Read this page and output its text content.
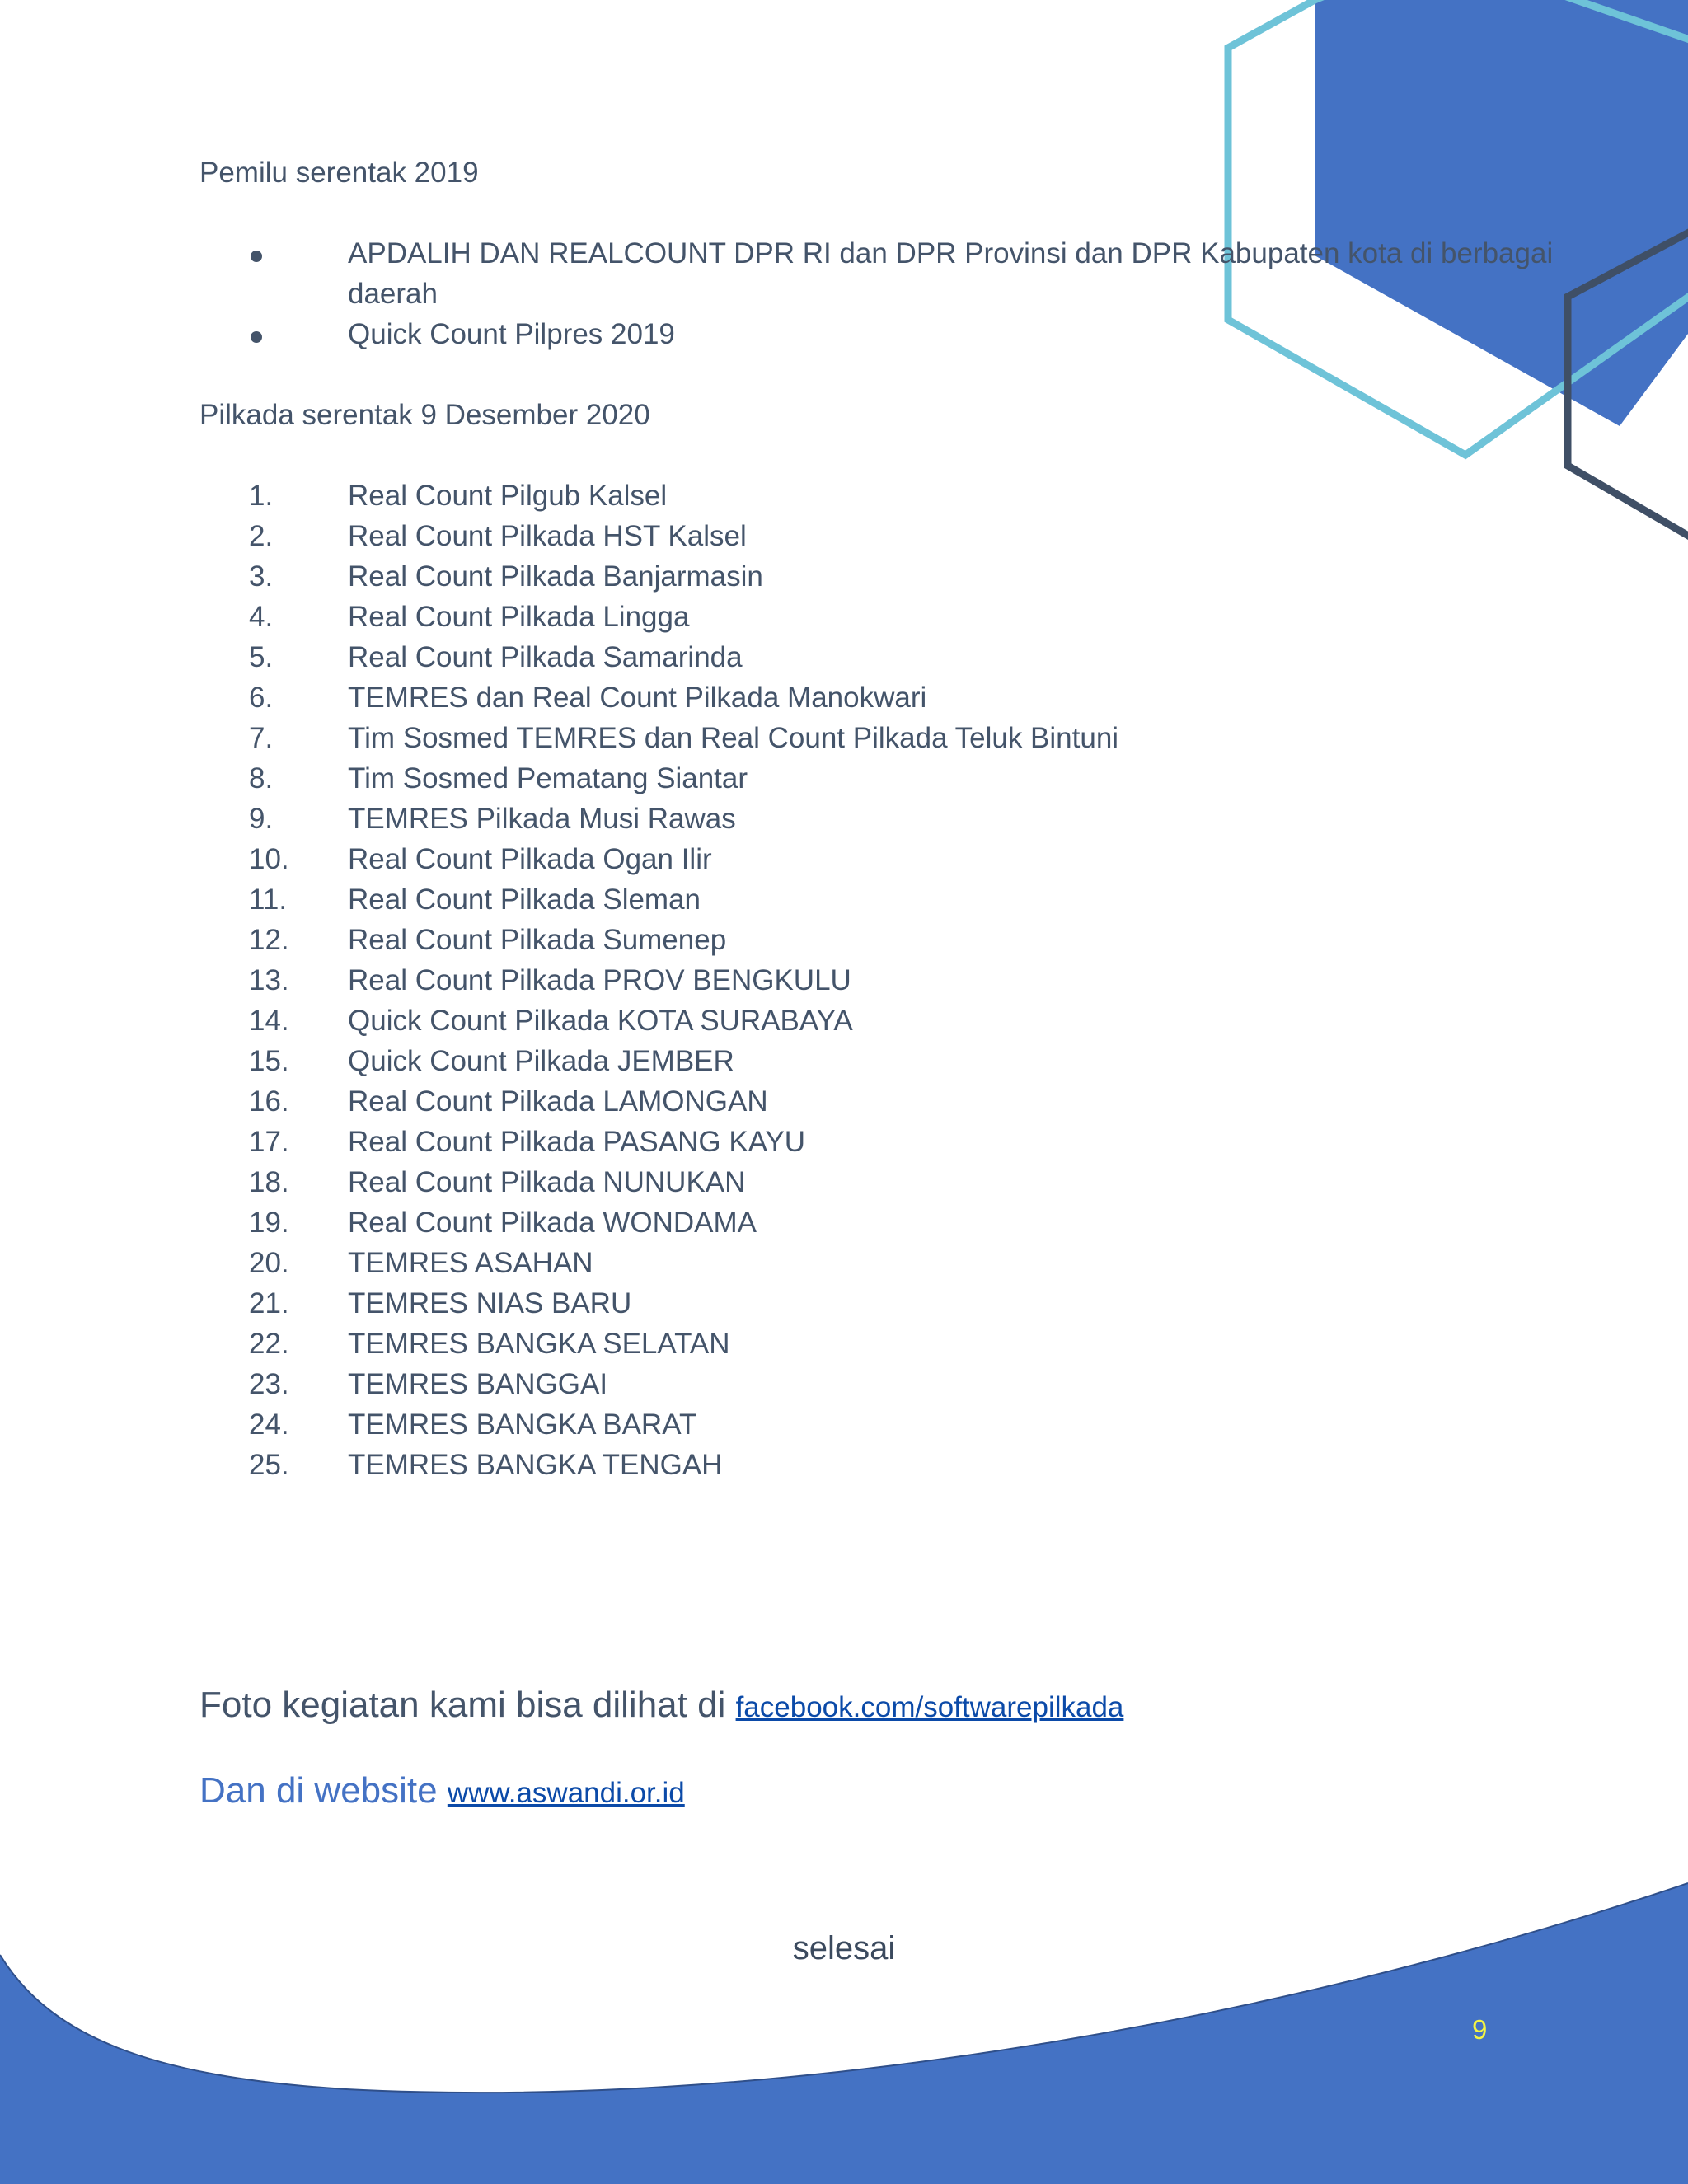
Pemilu serentak 2019
APDALIH DAN REALCOUNT DPR RI dan DPR Provinsi dan DPR Kabupaten kota di berbagai
daerah
Quick Count Pilpres 2019
Pilkada serentak 9 Desember 2020
1.	Real Count Pilgub Kalsel
2.	Real Count Pilkada HST Kalsel
3.	Real Count Pilkada Banjarmasin
4.	Real Count Pilkada Lingga
5.	Real Count Pilkada Samarinda
6.	TEMRES dan Real Count Pilkada Manokwari
7.	Tim Sosmed TEMRES dan Real Count Pilkada Teluk Bintuni
8.	Tim Sosmed Pematang Siantar
9.	TEMRES Pilkada Musi Rawas
10. Real Count Pilkada Ogan Ilir
11. Real Count Pilkada Sleman
12. Real Count Pilkada Sumenep
13. Real Count Pilkada PROV BENGKULU
14. Quick Count Pilkada KOTA SURABAYA
15. Quick Count Pilkada JEMBER
16. Real Count Pilkada LAMONGAN
17. Real Count Pilkada PASANG KAYU
18. Real Count Pilkada NUNUKAN
19. Real Count Pilkada WONDAMA
20. TEMRES ASAHAN
21. TEMRES NIAS BARU
22. TEMRES BANGKA SELATAN
23. TEMRES BANGGAI
24. TEMRES BANGKA BARAT
25. TEMRES BANGKA TENGAH
Foto kegiatan kami bisa dilihat di facebook.com/softwarepilkada
Dan di website www.aswandi.or.id
selesai
9
